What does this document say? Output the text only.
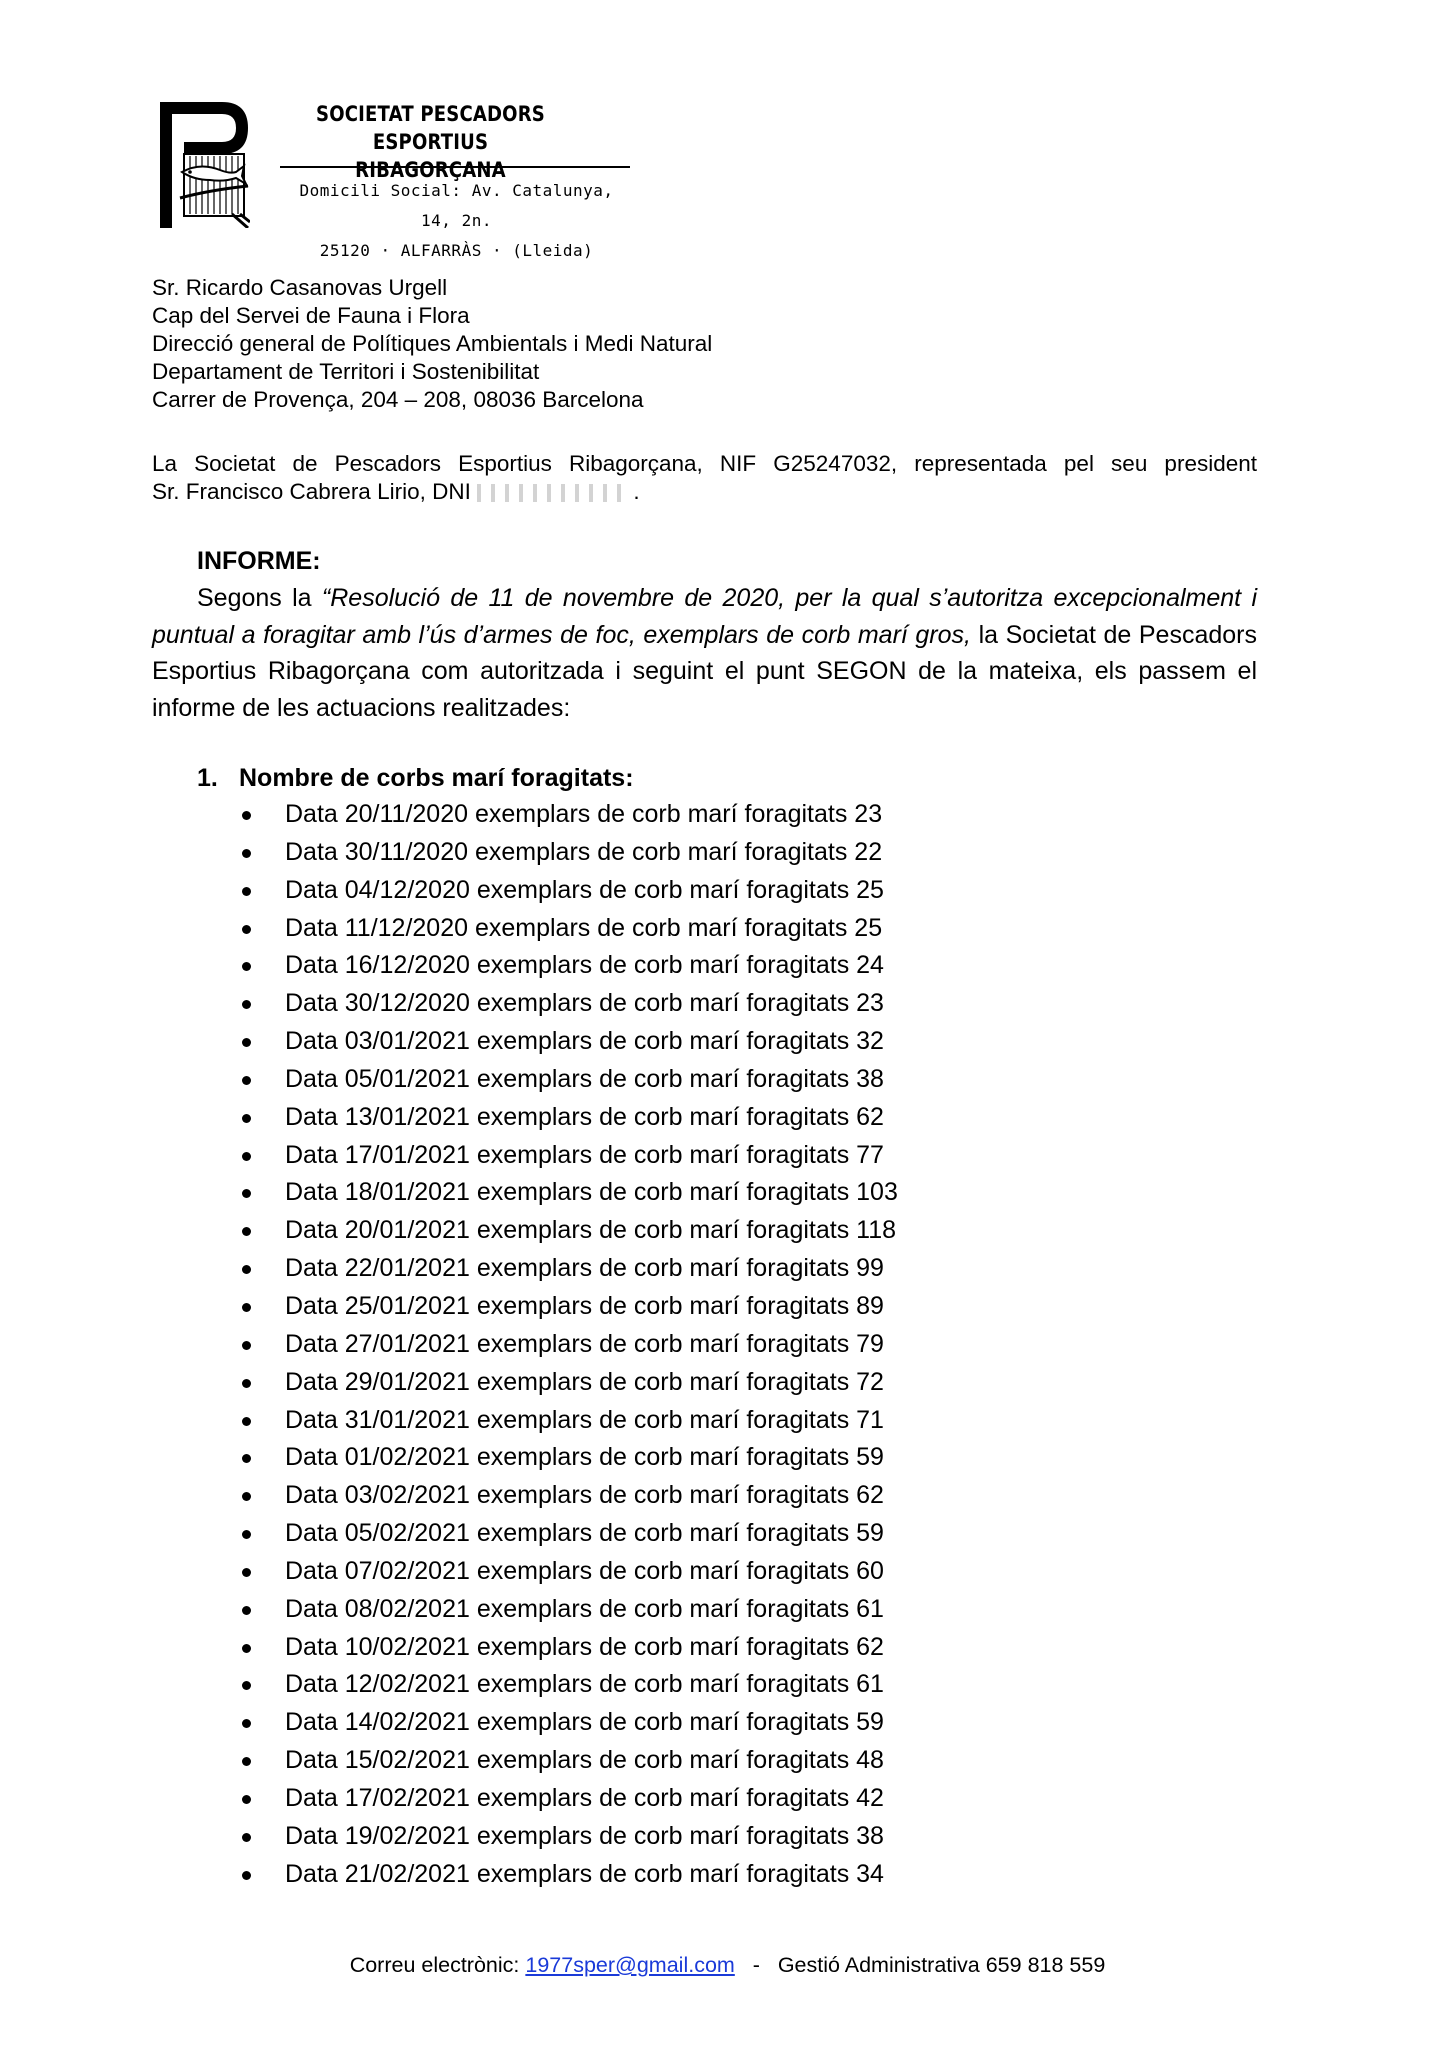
SOCIETAT PESCADORS ESPORTIUS
RIBAGORÇANA
Domicili Social: Av. Catalunya, 14, 2n.
25120 · ALFARRÀS · (Lleida)
Sr. Ricardo Casanovas Urgell
Cap del Servei de Fauna i Flora
Direcció general de Polítiques Ambientals i Medi Natural
Departament de Territori i Sostenibilitat
Carrer de Provença, 204 – 208, 08036 Barcelona
La Societat de Pescadors Esportius Ribagorçana, NIF G25247032, representada pel seu president
Sr. Francisco Cabrera Lirio, DNI	.
INFORME:
Segons la “Resolució de 11 de novembre de 2020, per la qual s’autoritza excepcionalment i puntual a foragitar amb l’ús d’armes de foc, exemplars de corb marí gros, la Societat de Pescadors Esportius Ribagorçana com autoritzada i seguint el punt SEGON de la mateixa, els passem el informe de les actuacions realitzades:
1. Nombre de corbs marí foragitats:
Data 20/11/2020 exemplars de corb marí foragitats 23
Data 30/11/2020 exemplars de corb marí foragitats 22
Data 04/12/2020 exemplars de corb marí foragitats 25
Data 11/12/2020 exemplars de corb marí foragitats 25
Data 16/12/2020 exemplars de corb marí foragitats 24
Data 30/12/2020 exemplars de corb marí foragitats 23
Data 03/01/2021 exemplars de corb marí foragitats 32
Data 05/01/2021 exemplars de corb marí foragitats 38
Data 13/01/2021 exemplars de corb marí foragitats 62
Data 17/01/2021 exemplars de corb marí foragitats 77
Data 18/01/2021 exemplars de corb marí foragitats 103
Data 20/01/2021 exemplars de corb marí foragitats 118
Data 22/01/2021 exemplars de corb marí foragitats 99
Data 25/01/2021 exemplars de corb marí foragitats 89
Data 27/01/2021 exemplars de corb marí foragitats 79
Data 29/01/2021 exemplars de corb marí foragitats 72
Data 31/01/2021 exemplars de corb marí foragitats 71
Data 01/02/2021 exemplars de corb marí foragitats 59
Data 03/02/2021 exemplars de corb marí foragitats 62
Data 05/02/2021 exemplars de corb marí foragitats 59
Data 07/02/2021 exemplars de corb marí foragitats 60
Data 08/02/2021 exemplars de corb marí foragitats 61
Data 10/02/2021 exemplars de corb marí foragitats 62
Data 12/02/2021 exemplars de corb marí foragitats 61
Data 14/02/2021 exemplars de corb marí foragitats 59
Data 15/02/2021 exemplars de corb marí foragitats 48
Data 17/02/2021 exemplars de corb marí foragitats 42
Data 19/02/2021 exemplars de corb marí foragitats 38
Data 21/02/2021 exemplars de corb marí foragitats 34
Correu electrònic: 1977sper@gmail.com   -   Gestió Administrativa 659 818 559
